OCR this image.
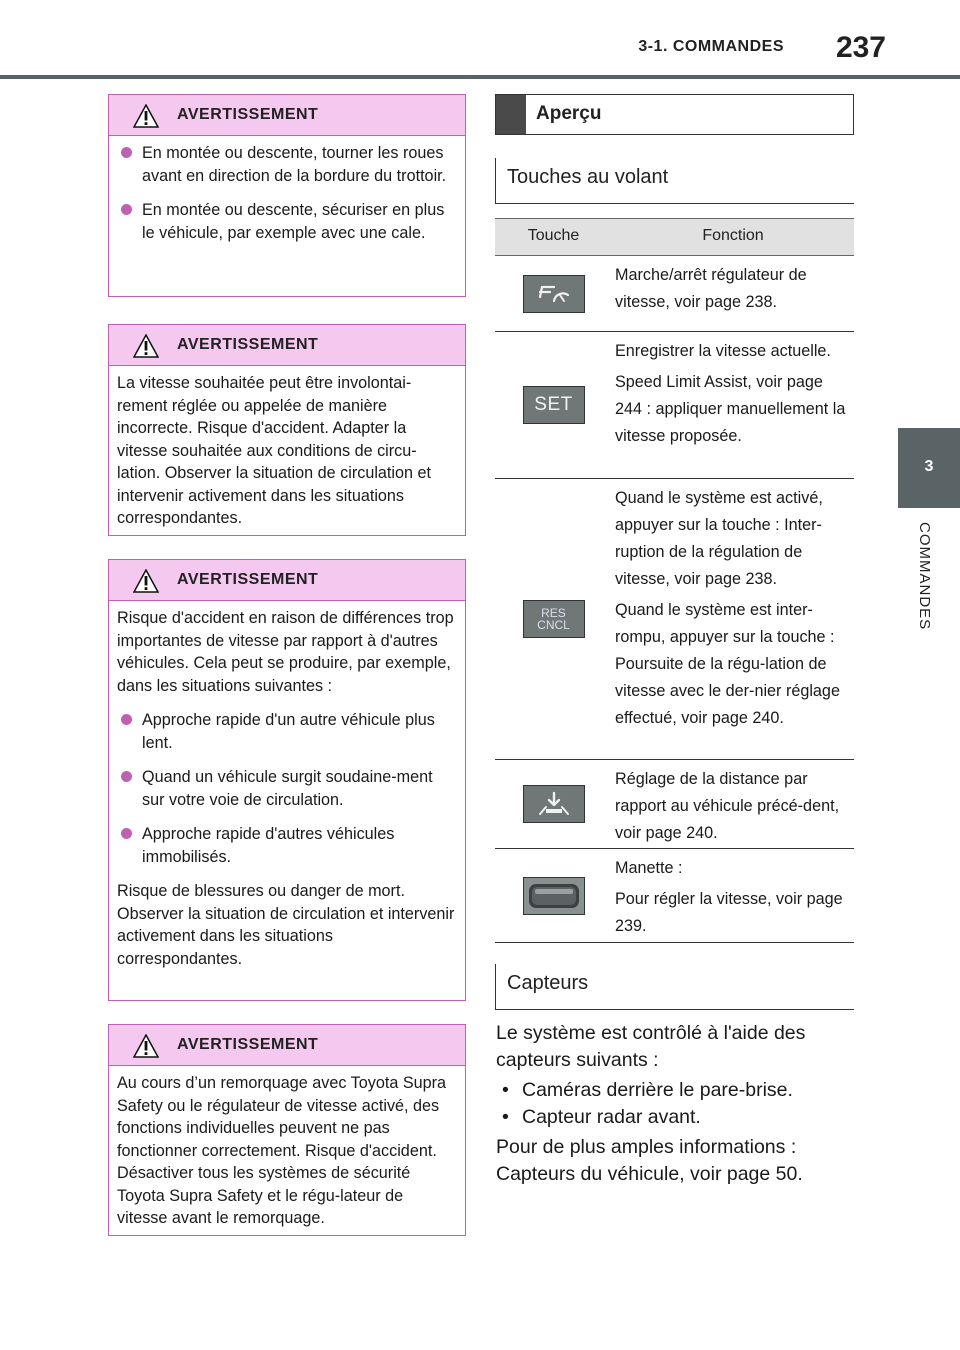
3-1. COMMANDES 237
3
COMMANDES
AVERTISSEMENT
En montée ou descente, tourner les roues avant en direction de la bordure du trottoir.
En montée ou descente, sécuriser en plus le véhicule, par exemple avec une cale.
AVERTISSEMENT

La vitesse souhaitée peut être involontai-rement réglée ou appelée de manière incorrecte. Risque d'accident. Adapter la vitesse souhaitée aux conditions de circu-lation. Observer la situation de circulation et intervenir activement dans les situations correspondantes.

AVERTISSEMENT

Risque d'accident en raison de différences trop importantes de vitesse par rapport à d'autres véhicules. Cela peut se produire, par exemple, dans les situations suivantes :

Approche rapide d'un autre véhicule plus lent.
Quand un véhicule surgit soudaine-ment sur votre voie de circulation.
Approche rapide d'autres véhicules immobilisés.

Risque de blessures ou danger de mort. Observer la situation de circulation et intervenir activement dans les situations correspondantes.

AVERTISSEMENT

Au cours d’un remorquage avec Toyota Supra Safety ou le régulateur de vitesse activé, des fonctions individuelles peuvent ne pas fonctionner correctement. Risque d'accident. Désactiver tous les systèmes de sécurité Toyota Supra Safety et le régu-lateur de vitesse avant le remorquage.

Aperçu
Touches au volant
Touche	Fonction

Marche/arrêt régulateur de vitesse, voir page 238.

SET

Enregistrer la vitesse actuelle.

Speed Limit Assist, voir page 244 : appliquer manuellement la vitesse proposée.

RES
CNCL

Quand le système est activé, appuyer sur la touche : Inter-ruption de la régulation de vitesse, voir page 238.

Quand le système est inter-rompu, appuyer sur la touche : Poursuite de la régu-lation de vitesse avec le der-nier réglage effectué, voir page 240.

Réglage de la distance par rapport au véhicule précé-dent, voir page 240.

Manette :

Pour régler la vitesse, voir page 239.

Capteurs

Le système est contrôlé à l'aide des capteurs suivants :

• Caméras derrière le pare-brise.
• Capteur radar avant.

Pour de plus amples informations : Capteurs du véhicule, voir page 50.
